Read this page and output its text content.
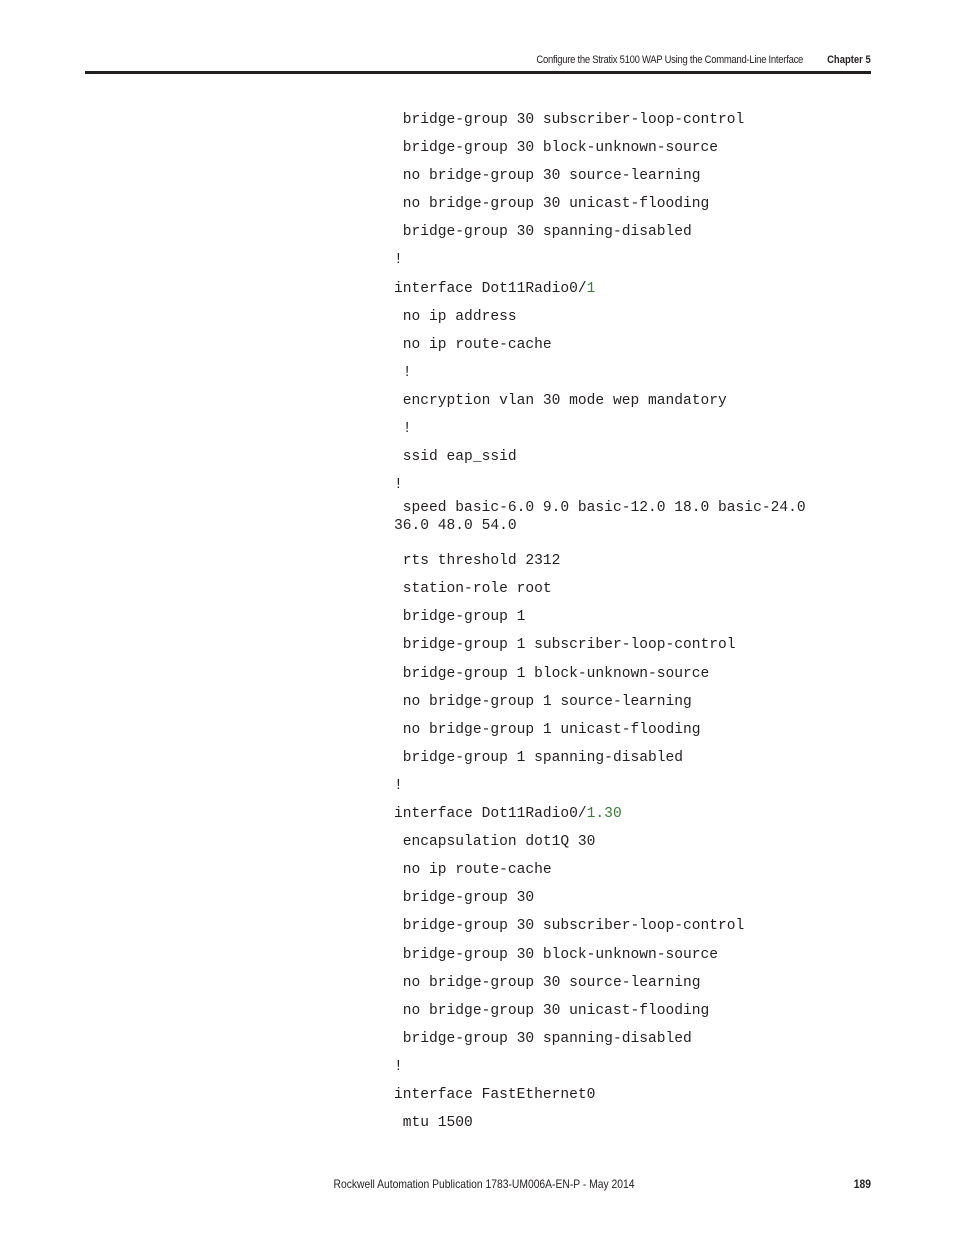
Configure the Stratix 5100 WAP Using the Command-Line Interface Chapter 5
bridge-group 30 subscriber-loop-control
bridge-group 30 block-unknown-source
no bridge-group 30 source-learning
no bridge-group 30 unicast-flooding
bridge-group 30 spanning-disabled
!
interface Dot11Radio0/1
no ip address
no ip route-cache
!
encryption vlan 30 mode wep mandatory
!
ssid eap_ssid
!
speed basic-6.0 9.0 basic-12.0 18.0 basic-24.0
36.0 48.0 54.0
rts threshold 2312
station-role root
bridge-group 1
bridge-group 1 subscriber-loop-control
bridge-group 1 block-unknown-source
no bridge-group 1 source-learning
no bridge-group 1 unicast-flooding
bridge-group 1 spanning-disabled
!
interface Dot11Radio0/1.30
encapsulation dot1Q 30
no ip route-cache
bridge-group 30
bridge-group 30 subscriber-loop-control
bridge-group 30 block-unknown-source
no bridge-group 30 source-learning
no bridge-group 30 unicast-flooding
bridge-group 30 spanning-disabled
!
interface FastEthernet0
mtu 1500
Rockwell Automation Publication 1783-UM006A-EN-P - May 2014	189
